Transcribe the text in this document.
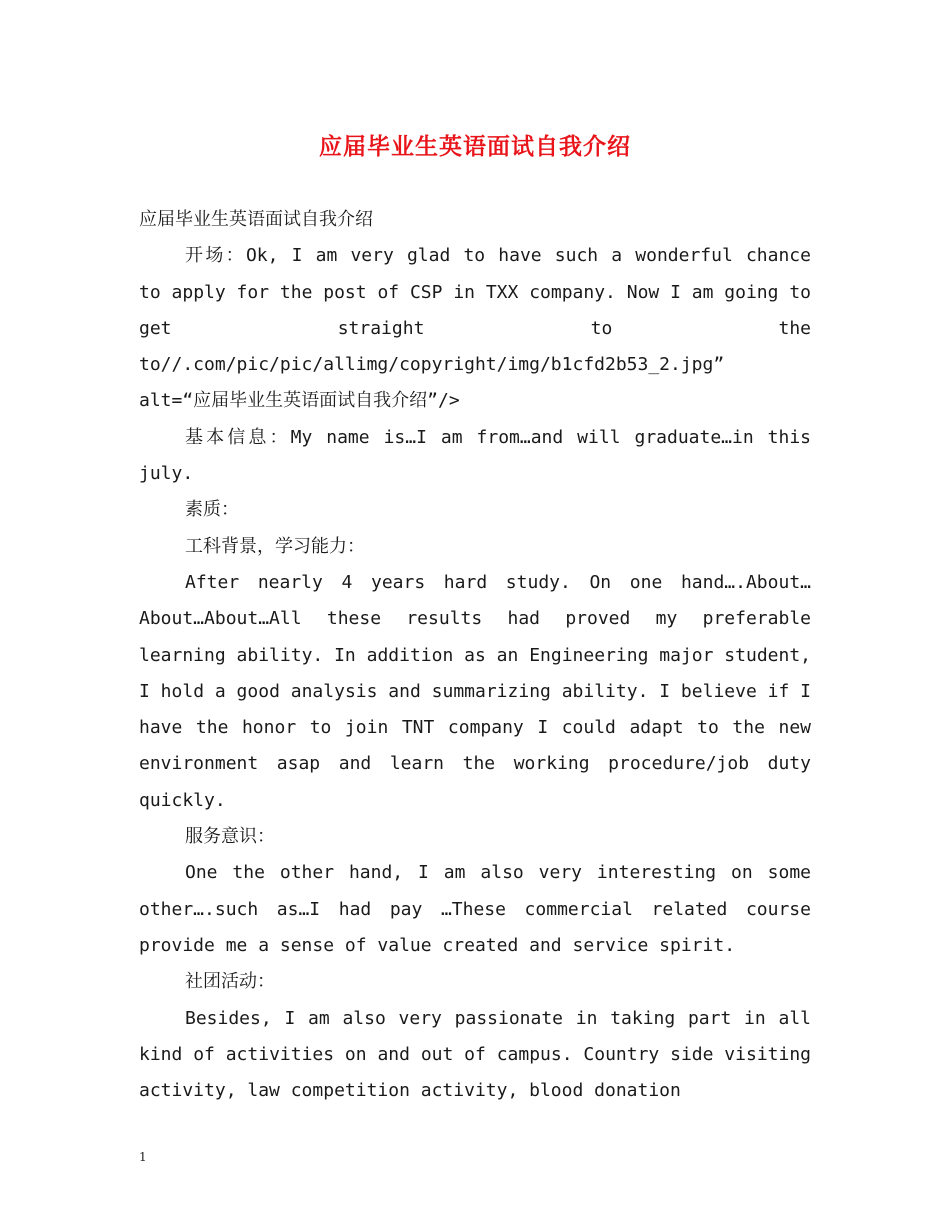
应届毕业生英语面试自我介绍

应届毕业生英语面试自我介绍

开场：Ok, I am very glad to have such a wonderful chance to apply for the post of CSP in TXX company. Now I am going to get straight to the

to//.com/pic/pic/allimg/copyright/img/b1cfd2b53_2.jpg”

alt=“应届毕业生英语面试自我介绍”/>

基本信息：My name is…I am from…and will graduate…in this july.

素质：

工科背景，学习能力：

After nearly 4 years hard study. On one hand….About…About…About…All these results had proved my preferable learning ability. In addition as an Engineering major student, I hold a good analysis and summarizing ability. I believe if I have the honor to join TNT company I could adapt to the new environment asap and learn the working procedure/job duty quickly.

服务意识：

One the other hand, I am also very interesting on some other….such as…I had pay …These commercial related course provide me a sense of value created and service spirit.

社团活动：

Besides, I am also very passionate in taking part in all kind of activities on and out of campus. Country side visiting activity, law competition activity, blood donation

1
